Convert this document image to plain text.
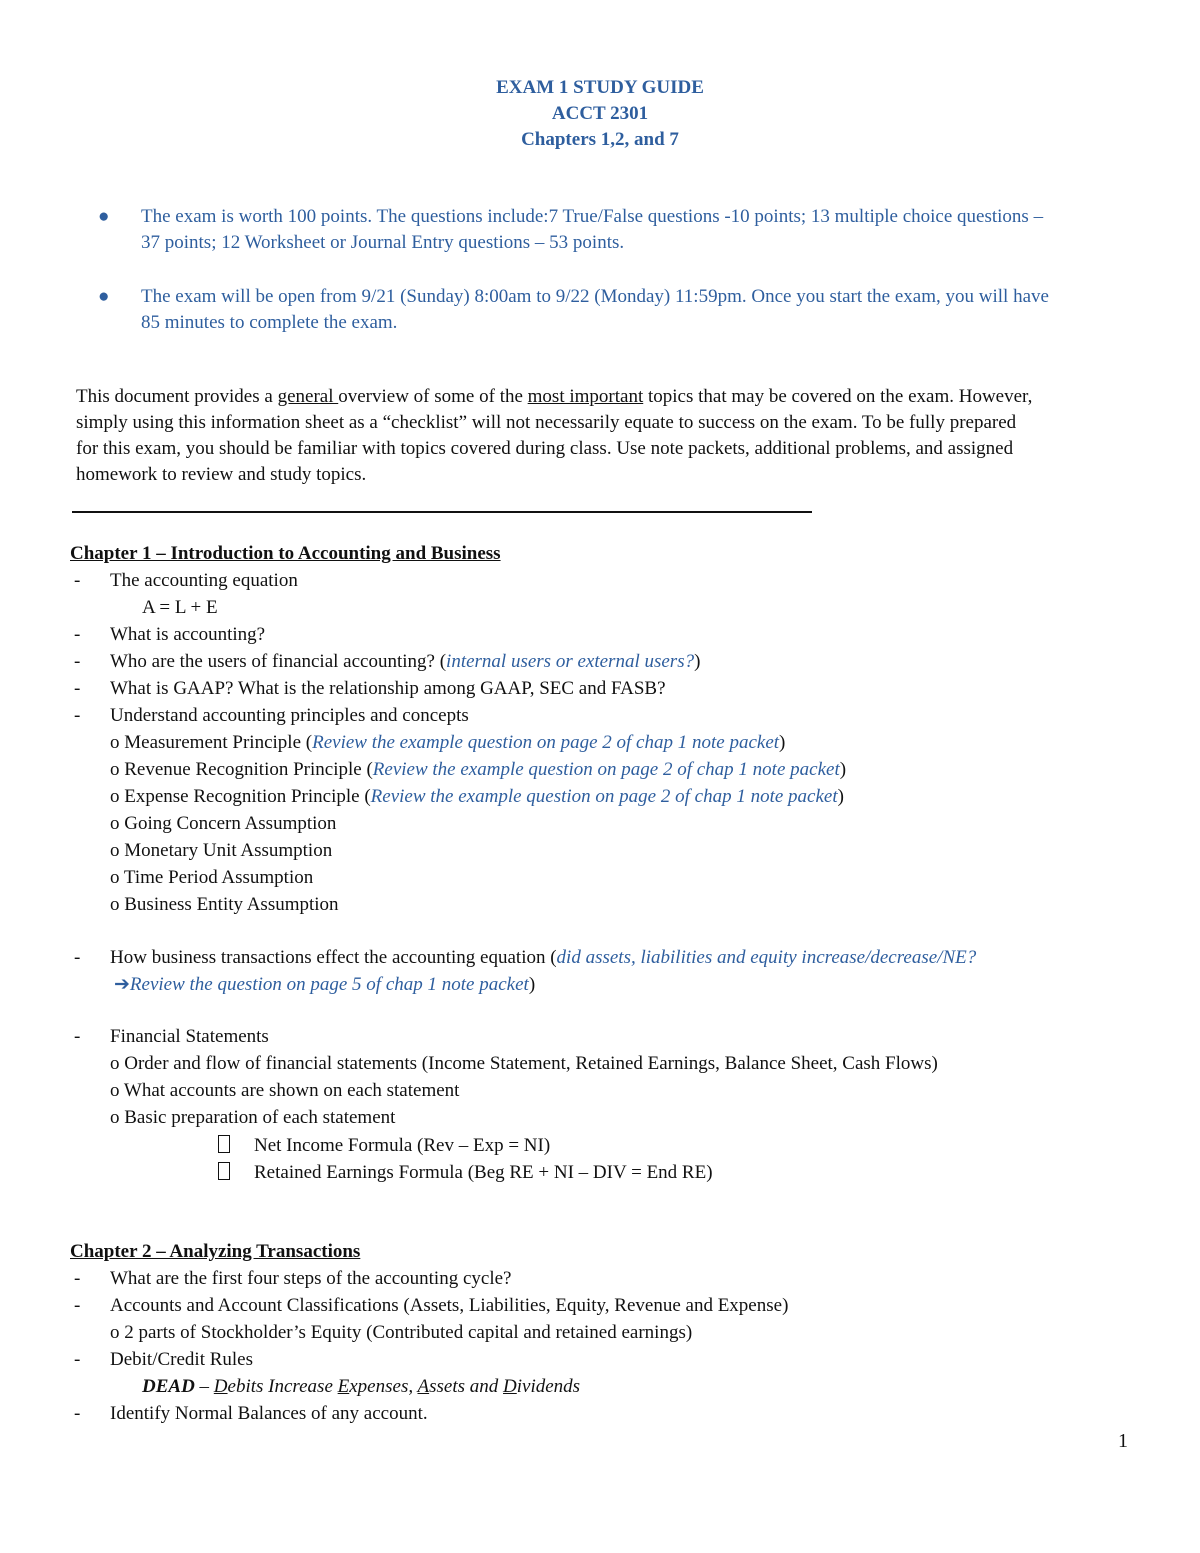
EXAM 1 STUDY GUIDE
ACCT 2301
Chapters 1,2, and 7
●	The exam is worth 100 points. The questions include:7 True/False questions -10 points; 13 multiple choice questions –
37 points; 12 Worksheet or Journal Entry questions – 53 points.
●	The exam will be open from 9/21 (Sunday) 8:00am to 9/22 (Monday) 11:59pm. Once you start the exam, you will have
85 minutes to complete the exam.
This document provides a general overview of some of the most important topics that may be covered on the exam. However,
simply using this information sheet as a “checklist” will not necessarily equate to success on the exam. To be fully prepared
for this exam, you should be familiar with topics covered during class. Use note packets, additional problems, and assigned
homework to review and study topics.
Chapter 1 – Introduction to Accounting and Business
- The accounting equation
A = L + E
- What is accounting?
- Who are the users of financial accounting? (internal users or external users?)
- What is GAAP? What is the relationship among GAAP, SEC and FASB?
- Understand accounting principles and concepts
o Measurement Principle (Review the example question on page 2 of chap 1 note packet)
o Revenue Recognition Principle (Review the example question on page 2 of chap 1 note packet)
o Expense Recognition Principle (Review the example question on page 2 of chap 1 note packet)
o Going Concern Assumption
o Monetary Unit Assumption
o Time Period Assumption
o Business Entity Assumption
- How business transactions effect the accounting equation (did assets, liabilities and equity increase/decrease/NE?
➔Review the question on page 5 of chap 1 note packet)
- Financial Statements
o Order and flow of financial statements (Income Statement, Retained Earnings, Balance Sheet, Cash Flows)
o What accounts are shown on each statement
o Basic preparation of each statement
Net Income Formula (Rev – Exp = NI)
Retained Earnings Formula (Beg RE + NI – DIV = End RE)
Chapter 2 – Analyzing Transactions
- What are the first four steps of the accounting cycle?
- Accounts and Account Classifications (Assets, Liabilities, Equity, Revenue and Expense)
o 2 parts of Stockholder’s Equity (Contributed capital and retained earnings)
- Debit/Credit Rules
DEAD – Debits Increase Expenses, Assets and Dividends
- Identify Normal Balances of any account.
1
